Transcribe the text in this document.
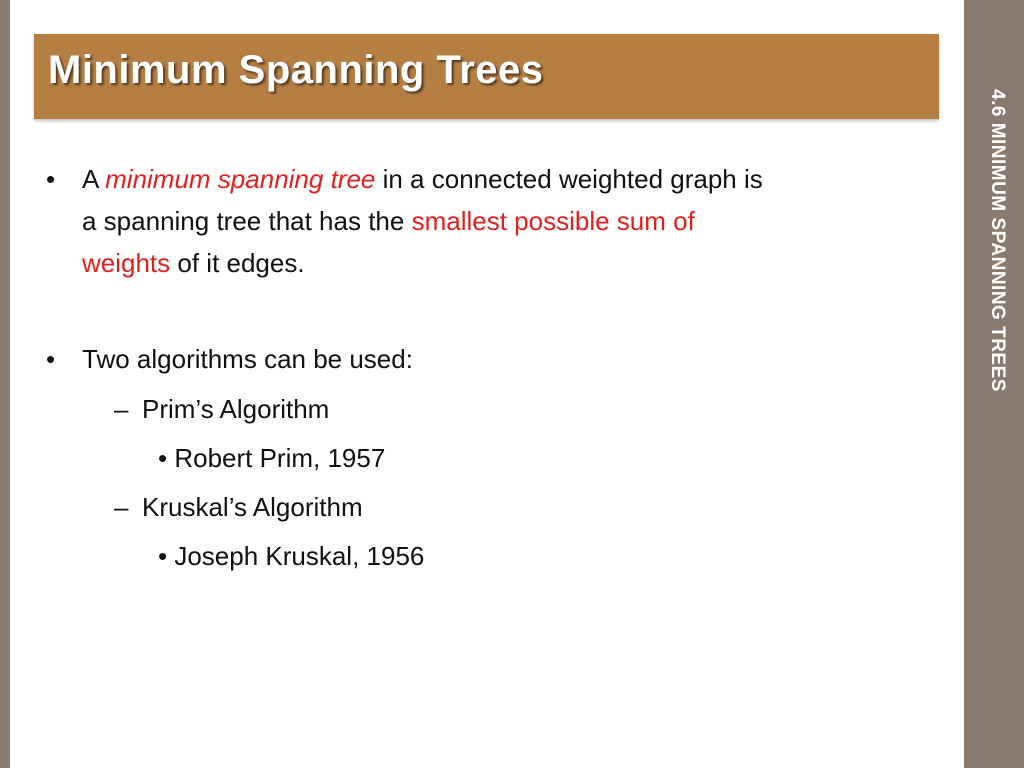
Minimum Spanning Trees
• A minimum spanning tree in a connected weighted graph is
a spanning tree that has the smallest possible sum of
weights of it edges.
• Two algorithms can be used:
– Prim’s Algorithm
• Robert Prim, 1957
– Kruskal’s Algorithm
• Joseph Kruskal, 1956
4.6 MINIMUM SPANNING TREES
